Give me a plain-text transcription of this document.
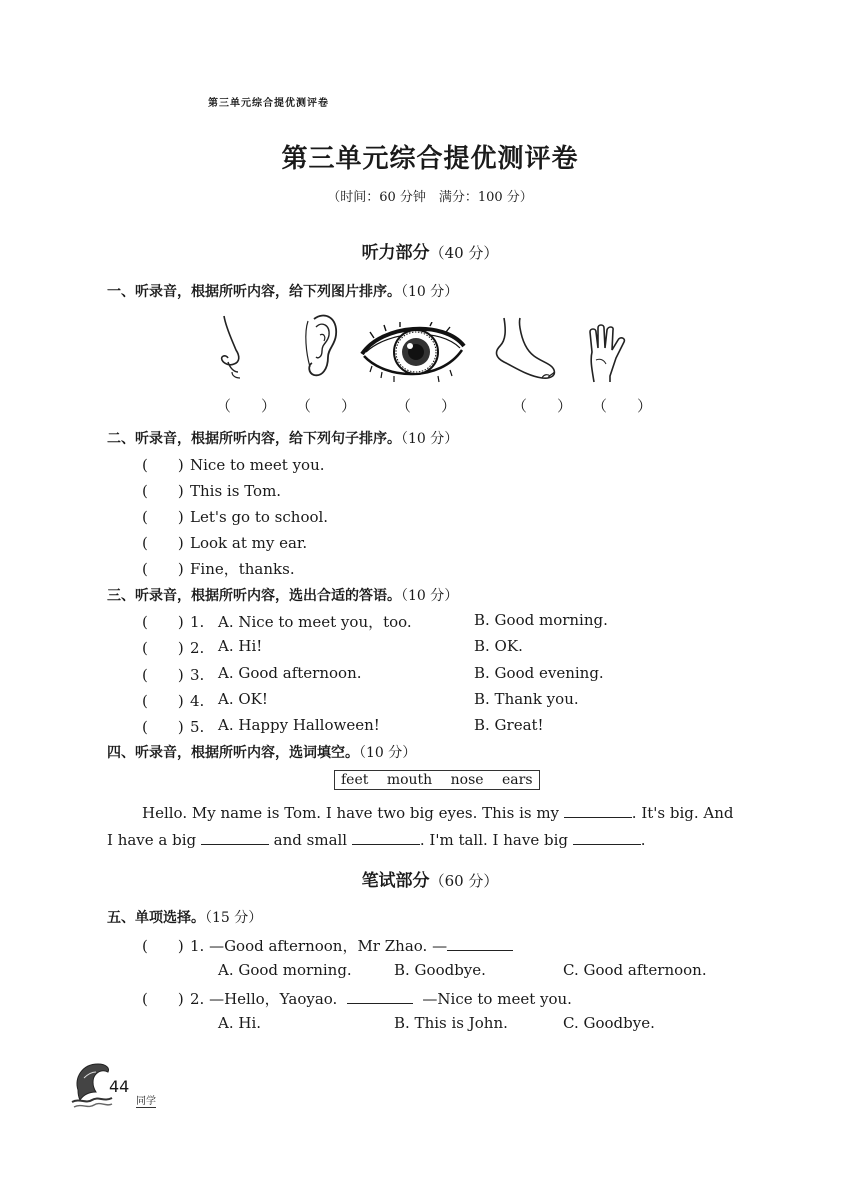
第三单元综合提优测评卷
第三单元综合提优测评卷
（时间：60 分钟　满分：100 分）
听力部分（40 分）
一、听录音，根据所听内容，给下列图片排序。（10 分）
（　　） （　　）	（　　）	（　　） （　　）
二、听录音，根据所听内容，给下列句子排序。（10 分）
(　　) Nice to meet you.
(　　) This is Tom.
(　　) Let's go to school.
(　　) Look at my ear.
(　　) Fine，thanks.
三、听录音，根据所听内容，选出合适的答语。（10 分）
(　　) 1. A. Nice to meet you，too.	B. Good morning.
(　　) 2. A. Hi!	B. OK.
(　　) 3. A. Good afternoon.	B. Good evening.
(　　) 4. A. OK!	B. Thank you.
(　　) 5. A. Happy Halloween!	B. Great!
四、听录音，根据所听内容，选词填空。（10 分）
feet mouth nose ears
Hello. My name is Tom. I have two big eyes. This is my	. It's big. And
I have a big	and small	. I'm tall. I have big	.
笔试部分（60 分）
五、单项选择。（15 分）
(　　) 1. —Good afternoon，Mr Zhao. —
A. Good morning.	B. Goodbye.	C. Good afternoon.
(　　) 2. —Hello，Yaoyao.	—Nice to meet you.
A. Hi.	B. This is John.	C. Goodbye.
44
同学
